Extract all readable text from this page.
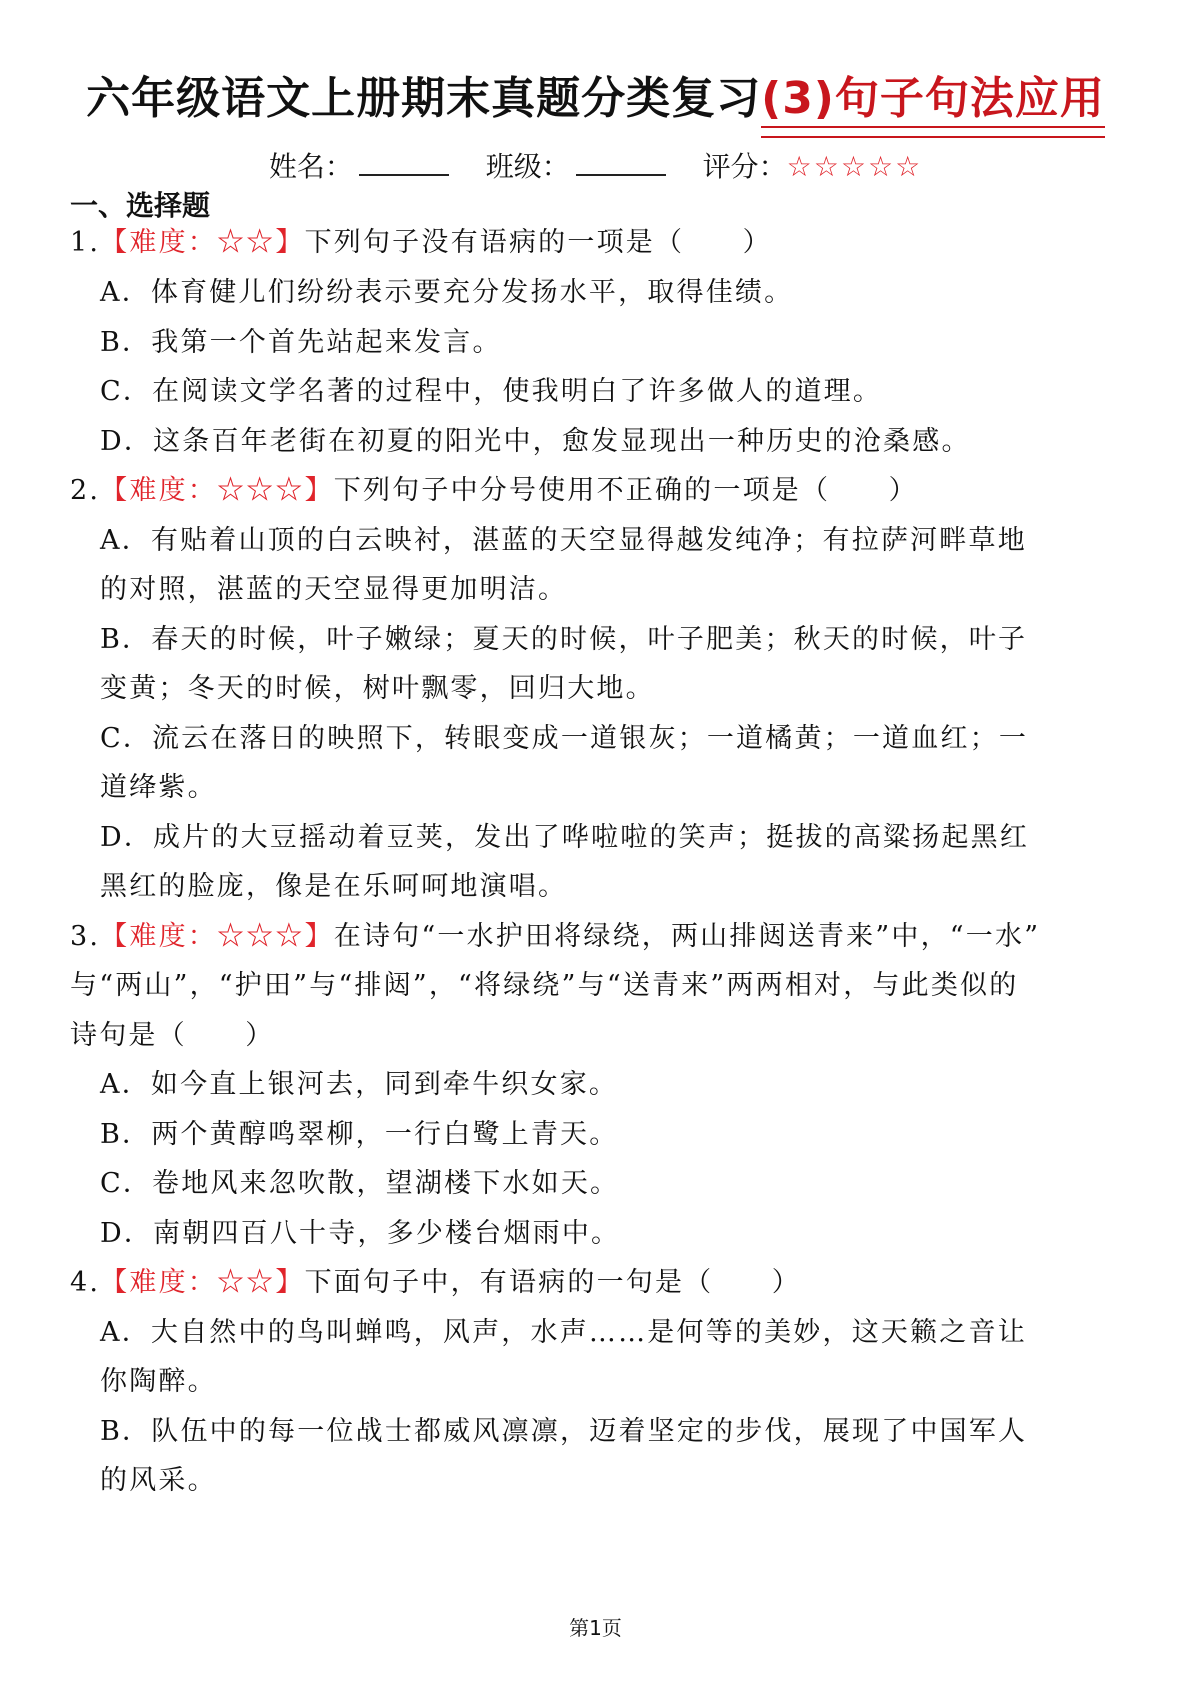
六年级语文上册期末真题分类复习(3)句子句法应用
姓名：	班级：	评分：☆☆☆☆☆
一、选择题
1.【难度：☆☆】下列句子没有语病的一项是（　　）
A．体育健儿们纷纷表示要充分发扬水平，取得佳绩。
B．我第一个首先站起来发言。
C．在阅读文学名著的过程中，使我明白了许多做人的道理。
D．这条百年老街在初夏的阳光中，愈发显现出一种历史的沧桑感。
2.【难度：☆☆☆】下列句子中分号使用不正确的一项是（　　）
A．有贴着山顶的白云映衬，湛蓝的天空显得越发纯净；有拉萨河畔草地
的对照，湛蓝的天空显得更加明洁。
B．春天的时候，叶子嫩绿；夏天的时候，叶子肥美；秋天的时候，叶子
变黄；冬天的时候，树叶飘零，回归大地。
C．流云在落日的映照下，转眼变成一道银灰；一道橘黄；一道血红；一
道绛紫。
D．成片的大豆摇动着豆荚，发出了哗啦啦的笑声；挺拔的高粱扬起黑红
黑红的脸庞，像是在乐呵呵地演唱。
3.【难度：☆☆☆】在诗句“一水护田将绿绕，两山排闼送青来”中，“一水”
与“两山”，“护田”与“排闼”，“将绿绕”与“送青来”两两相对，与此类似的
诗句是（　　）
A．如今直上银河去，同到牵牛织女家。
B．两个黄醇鸣翠柳，一行白鹭上青天。
C．卷地风来忽吹散，望湖楼下水如天。
D．南朝四百八十寺，多少楼台烟雨中。
4.【难度：☆☆】下面句子中，有语病的一句是（　　）
A．大自然中的鸟叫蝉鸣，风声，水声……是何等的美妙，这天籁之音让
你陶醉。
B．队伍中的每一位战士都威风凛凛，迈着坚定的步伐，展现了中国军人
的风采。
第1页
